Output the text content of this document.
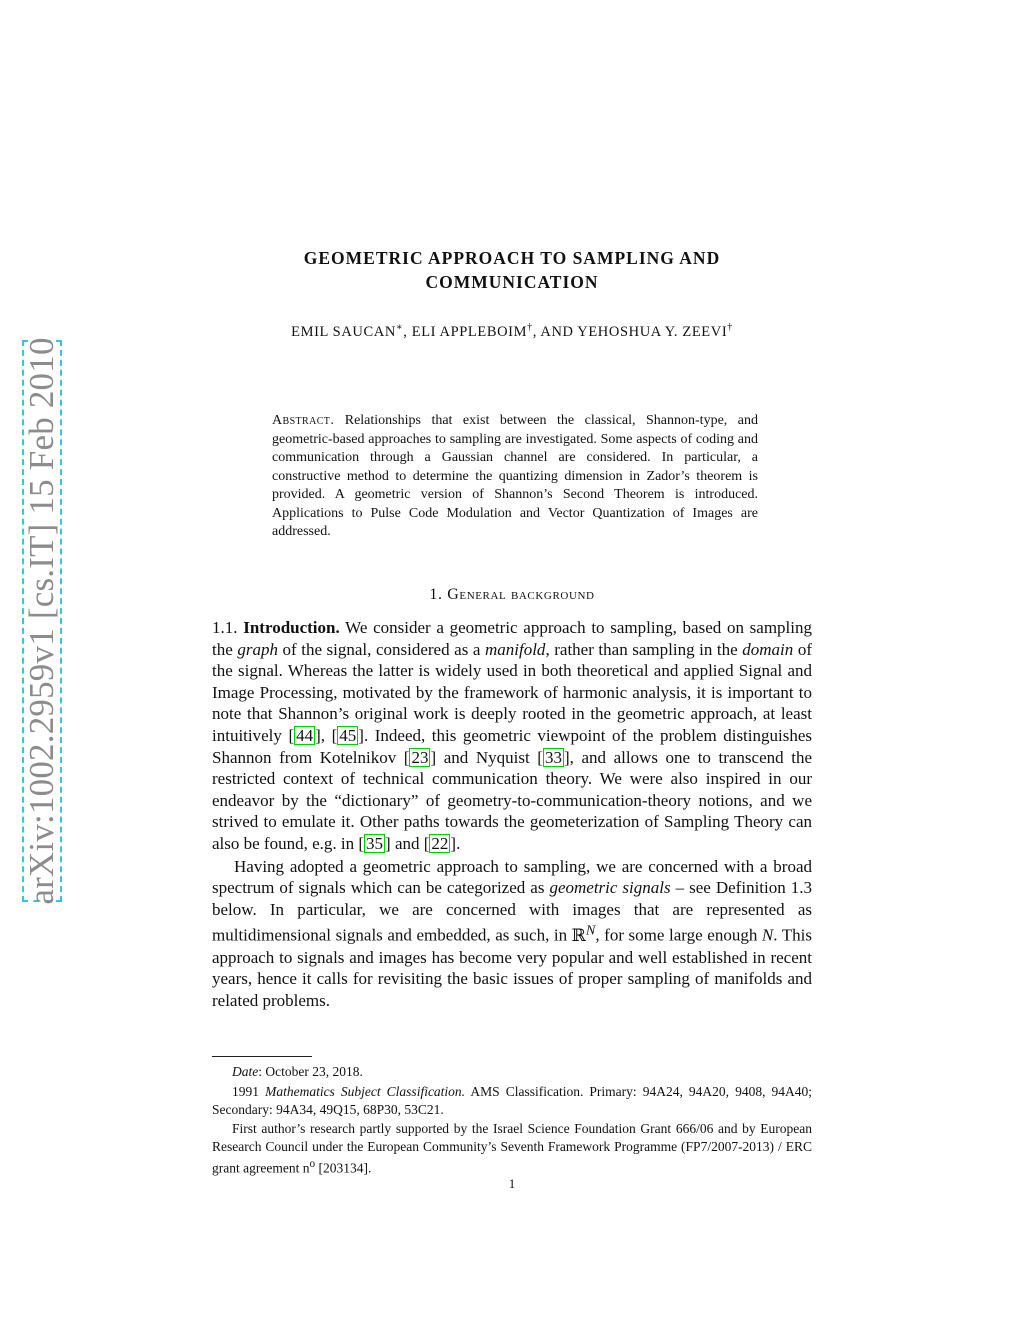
arXiv:1002.2959v1 [cs.IT] 15 Feb 2010
GEOMETRIC APPROACH TO SAMPLING AND
COMMUNICATION
EMIL SAUCAN∗, ELI APPLEBOIM†, AND YEHOSHUA Y. ZEEVI†
Abstract. Relationships that exist between the classical, Shannon-type, and geometric-based approaches to sampling are investigated. Some aspects of coding and communication through a Gaussian channel are considered. In particular, a constructive method to determine the quantizing dimension in Zador’s theorem is provided. A geometric version of Shannon’s Second Theorem is introduced. Applications to Pulse Code Modulation and Vector Quantization of Images are addressed.
1. General background

1.1. Introduction. We consider a geometric approach to sampling, based on sampling the graph of the signal, considered as a manifold, rather than sampling in the domain of the signal. Whereas the latter is widely used in both theoretical and applied Signal and Image Processing, motivated by the framework of harmonic analysis, it is important to note that Shannon’s original work is deeply rooted in the geometric approach, at least intuitively [ 44 ], [ 45 ]. Indeed, this geometric viewpoint of the problem distinguishes Shannon from Kotelnikov [ 23 ] and Nyquist [ 33 ], and allows one to transcend the restricted context of technical communication theory. We were also inspired in our endeavor by the “dictionary” of geometry-to-communication-theory notions, and we strived to emulate it. Other paths towards the geometerization of Sampling Theory can also be found, e.g. in [ 35 ] and [ 22 ].

Having adopted a geometric approach to sampling, we are concerned with a broad spectrum of signals which can be categorized as geometric signals – see Definition 1.3 below. In particular, we are concerned with images that are represented as multidimensional signals and embedded, as such, in ℝ$^N$, for some large enough N. This approach to signals and images has become very popular and well established in recent years, hence it calls for revisiting the basic issues of proper sampling of manifolds and related problems.

Date: October 23, 2018.

1991 Mathematics Subject Classification. AMS Classification. Primary: 94A24, 94A20, 9408, 94A40; Secondary: 94A34, 49Q15, 68P30, 53C21.

First author’s research partly supported by the Israel Science Foundation Grant 666/06 and by European Research Council under the European Community’s Seventh Framework Programme (FP7/2007-2013) / ERC grant agreement $n^o$ [203134].

1
